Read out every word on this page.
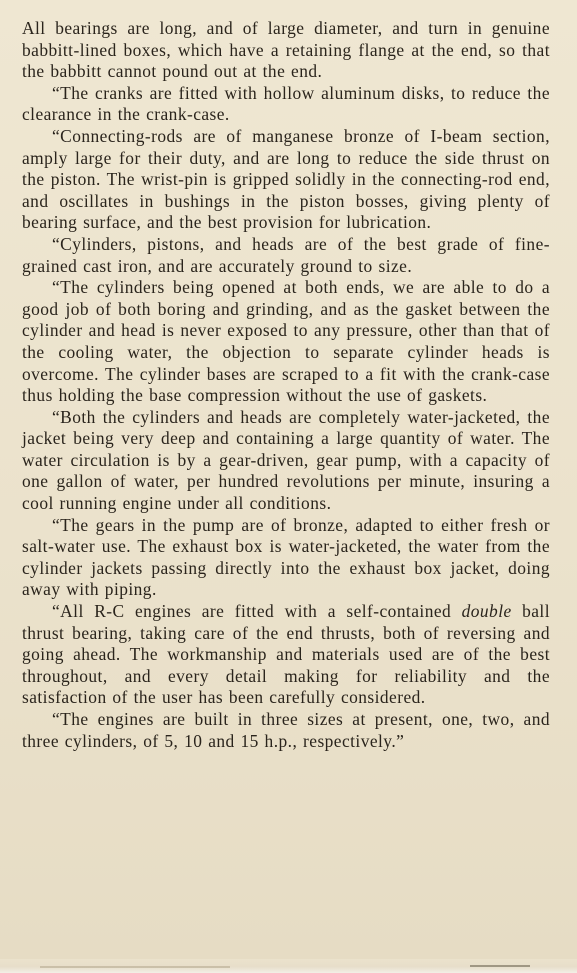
All bearings are long, and of large diameter, and turn in genuine babbitt-lined boxes, which have a retaining flange at the end, so that the babbitt cannot pound out at the end.

“The cranks are fitted with hollow aluminum disks, to reduce the clearance in the crank-case.

“Connecting-rods are of manganese bronze of I-beam section, amply large for their duty, and are long to reduce the side thrust on the piston. The wrist-pin is gripped solidly in the connecting-rod end, and oscillates in bushings in the piston bosses, giving plenty of bearing surface, and the best provision for lubrication.

“Cylinders, pistons, and heads are of the best grade of fine-grained cast iron, and are accurately ground to size.

“The cylinders being opened at both ends, we are able to do a good job of both boring and grinding, and as the gasket between the cylinder and head is never exposed to any pressure, other than that of the cooling water, the objection to separate cylinder heads is overcome. The cylinder bases are scraped to a fit with the crank-case thus holding the base compression without the use of gaskets.

“Both the cylinders and heads are completely water-jacketed, the jacket being very deep and containing a large quantity of water. The water circulation is by a gear-driven, gear pump, with a capacity of one gallon of water, per hundred revolutions per minute, insuring a cool running engine under all conditions.

“The gears in the pump are of bronze, adapted to either fresh or salt-water use. The exhaust box is water-jacketed, the water from the cylinder jackets passing directly into the exhaust box jacket, doing away with piping.

“All R-C engines are fitted with a self-contained double ball thrust bearing, taking care of the end thrusts, both of reversing and going ahead. The workmanship and materials used are of the best throughout, and every detail making for reliability and the satisfaction of the user has been carefully considered.

“The engines are built in three sizes at present, one, two, and three cylinders, of 5, 10 and 15 h.p., respectively.”
